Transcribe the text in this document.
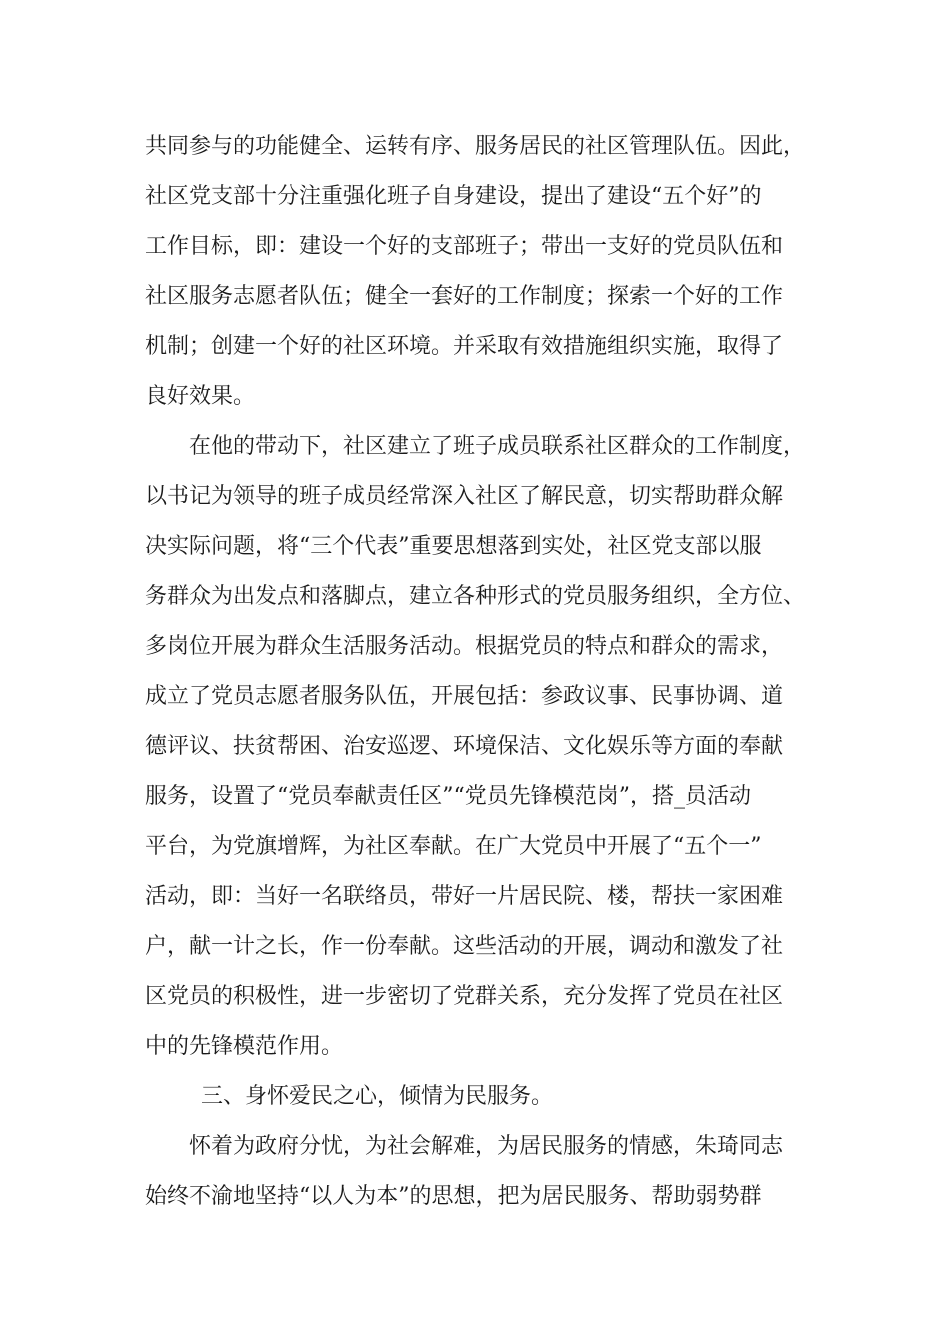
共同参与的功能健全、运转有序、服务居民的社区管理队伍。因此，
社区党支部十分注重强化班子自身建设，提出了建设“五个好”的
工作目标，即：建设一个好的支部班子；带出一支好的党员队伍和
社区服务志愿者队伍；健全一套好的工作制度；探索一个好的工作
机制；创建一个好的社区环境。并采取有效措施组织实施，取得了
良好效果。
在他的带动下，社区建立了班子成员联系社区群众的工作制度，
以书记为领导的班子成员经常深入社区了解民意，切实帮助群众解
决实际问题，将“三个代表”重要思想落到实处，社区党支部以服
务群众为出发点和落脚点，建立各种形式的党员服务组织，全方位、
多岗位开展为群众生活服务活动。根据党员的特点和群众的需求，
成立了党员志愿者服务队伍，开展包括：参政议事、民事协调、道
德评议、扶贫帮困、治安巡逻、环境保洁、文化娱乐等方面的奉献
服务，设置了“党员奉献责任区”“党员先锋模范岗”，搭_员活动
平台，为党旗增辉，为社区奉献。在广大党员中开展了“五个一”
活动，即：当好一名联络员，带好一片居民院、楼，帮扶一家困难
户，献一计之长，作一份奉献。这些活动的开展，调动和激发了社
区党员的积极性，进一步密切了党群关系，充分发挥了党员在社区
中的先锋模范作用。
三、身怀爱民之心，倾情为民服务。
怀着为政府分忧，为社会解难，为居民服务的情感，朱琦同志
始终不渝地坚持“以人为本”的思想，把为居民服务、帮助弱势群
